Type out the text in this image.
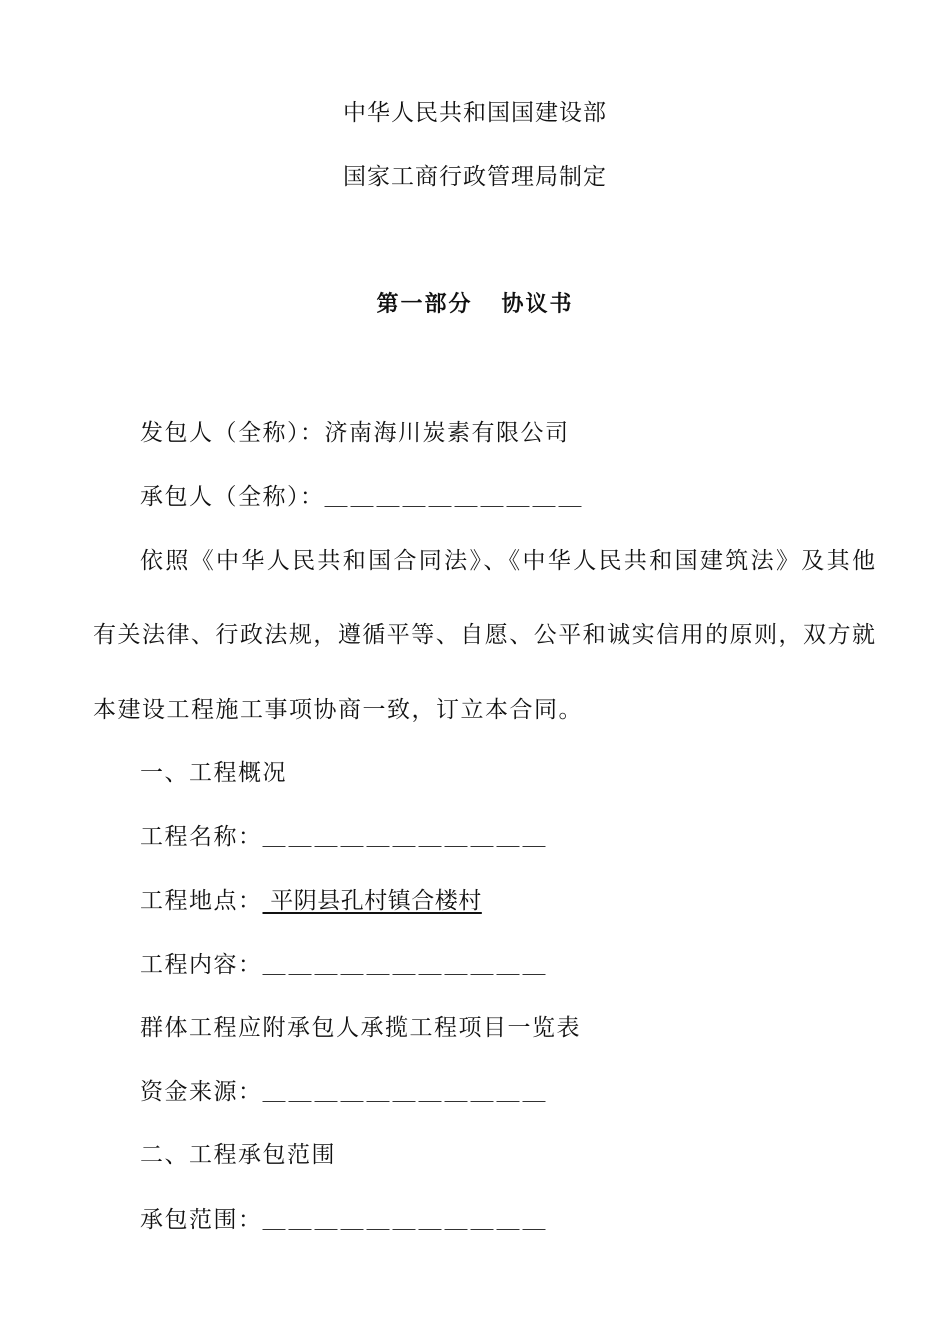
中华人民共和国国建设部
国家工商行政管理局制定
第一部分   协议书
发包人（全称）：济南海川炭素有限公司
承包人（全称）：＿＿＿＿＿＿＿＿＿＿
依照《中华人民共和国合同法》、《中华人民共和国建筑法》及其他
有关法律、行政法规，遵循平等、自愿、公平和诚实信用的原则，双方就
本建设工程施工事项协商一致，订立本合同。
一、工程概况
工程名称：＿＿＿＿＿＿＿＿＿＿＿
工程地点： 平阴县孔村镇合楼村
工程内容：＿＿＿＿＿＿＿＿＿＿＿
群体工程应附承包人承揽工程项目一览表
资金来源：＿＿＿＿＿＿＿＿＿＿＿
二、工程承包范围
承包范围：＿＿＿＿＿＿＿＿＿＿＿
